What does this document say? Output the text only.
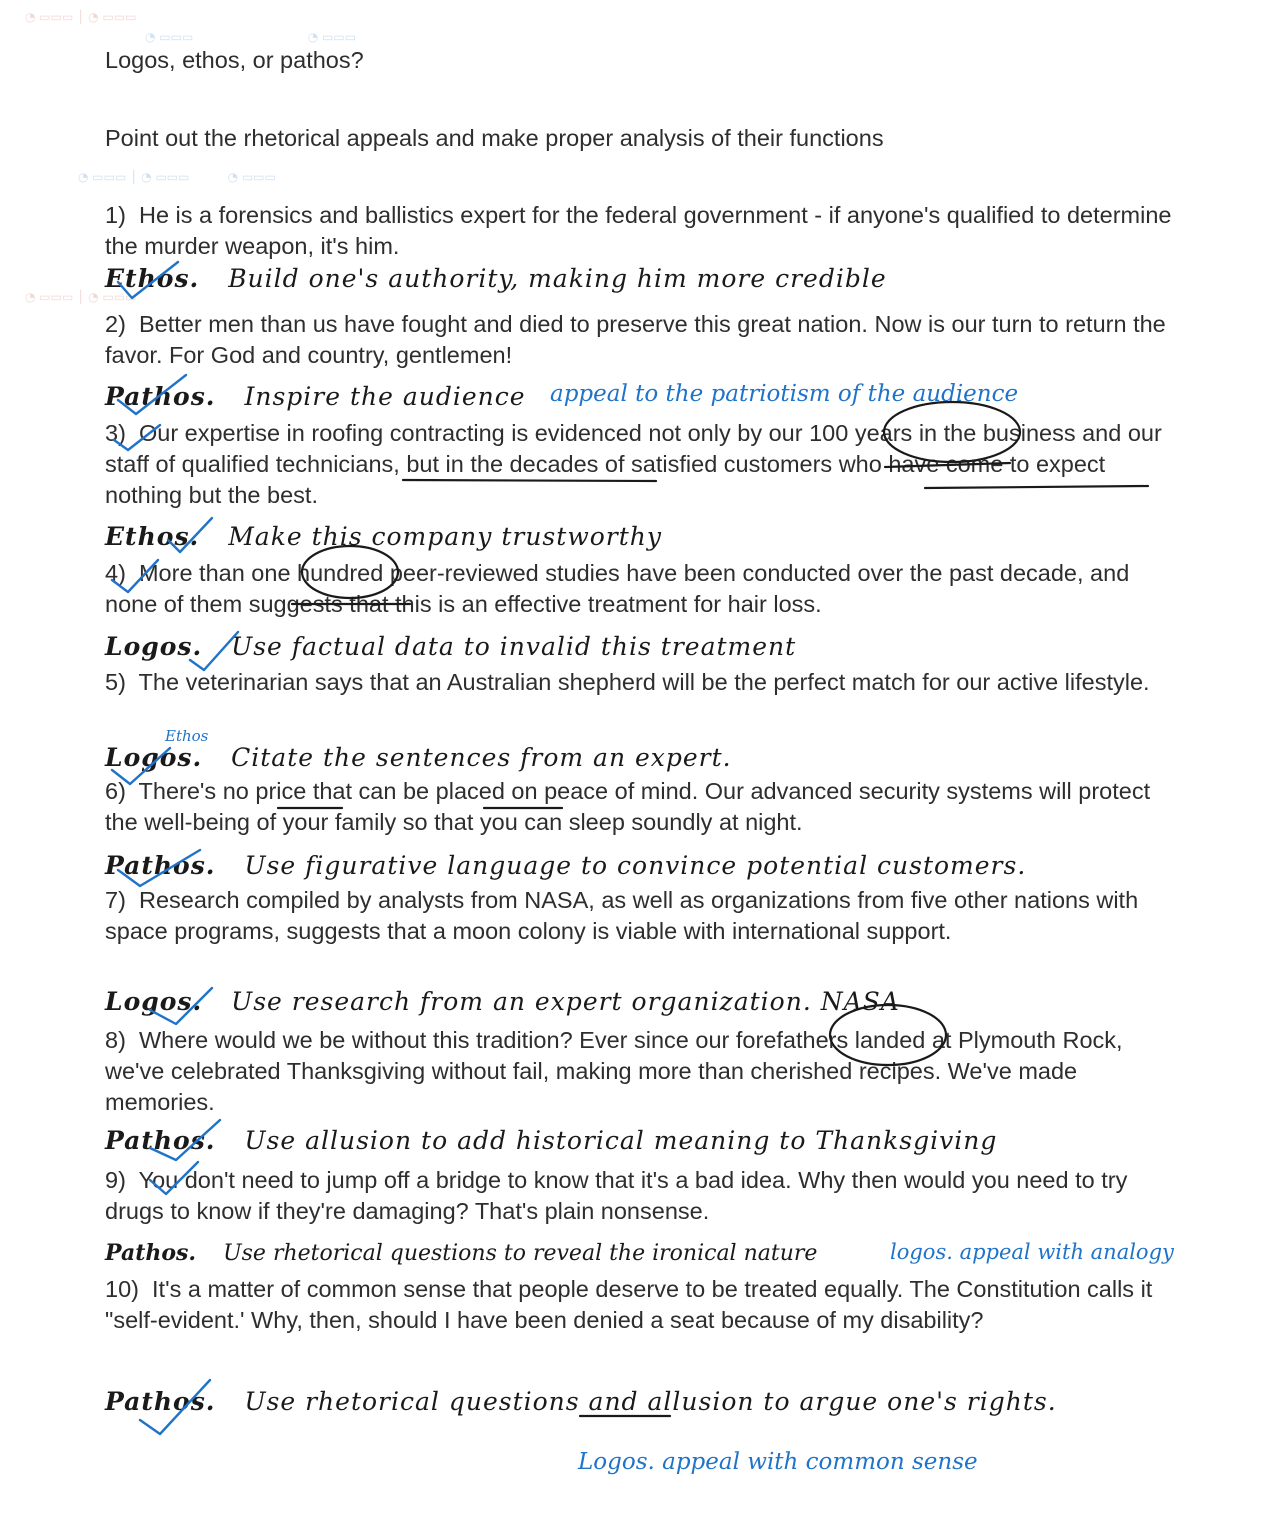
◔ ▭▭▭ │ ◔ ▭▭▭
◔ ▭▭▭                              ◔ ▭▭▭
◔ ▭▭▭ │ ◔ ▭▭▭          ◔ ▭▭▭
◔ ▭▭▭ │ ◔ ▭▭▭
Logos, ethos, or pathos?
Point out the rhetorical appeals and make proper analysis of their functions
1) He is a forensics and ballistics expert for the federal government - if anyone's qualified to determine the murder weapon, it's him.
Ethos. Build one's authority, making him more credible
2) Better men than us have fought and died to preserve this great nation. Now is our turn to return the favor. For God and country, gentlemen!
Pathos. Inspire the audience	appeal to the patriotism of the audience
3) Our expertise in roofing contracting is evidenced not only by our 100 years in the business and our staff of qualified technicians, but in the decades of satisfied customers who have come to expect nothing but the best.
Ethos. Make this company trustworthy
4) More than one hundred peer-reviewed studies have been conducted over the past decade, and none of them suggests that this is an effective treatment for hair loss.
Logos. Use factual data to invalid this treatment
5) The veterinarian says that an Australian shepherd will be the perfect match for our active lifestyle.
Ethos
Logos. Citate the sentences from an expert.
6) There's no price that can be placed on peace of mind. Our advanced security systems will protect the well-being of your family so that you can sleep soundly at night.
Pathos. Use figurative language to convince potential customers.
7) Research compiled by analysts from NASA, as well as organizations from five other nations with space programs, suggests that a moon colony is viable with international support.
Logos. Use research from an expert organization. NASA
8) Where would we be without this tradition? Ever since our forefathers landed at Plymouth Rock, we've celebrated Thanksgiving without fail, making more than cherished recipes. We've made memories.
Pathos. Use allusion to add historical meaning to Thanksgiving
9) You don't need to jump off a bridge to know that it's a bad idea. Why then would you need to try drugs to know if they're damaging? That's plain nonsense.
Pathos. Use rhetorical questions to reveal the ironical nature	logos. appeal with analogy
10) It's a matter of common sense that people deserve to be treated equally. The Constitution calls it "self-evident.' Why, then, should I have been denied a seat because of my disability?
Pathos. Use rhetorical questions and allusion to argue one's rights.
Logos. appeal with common sense
